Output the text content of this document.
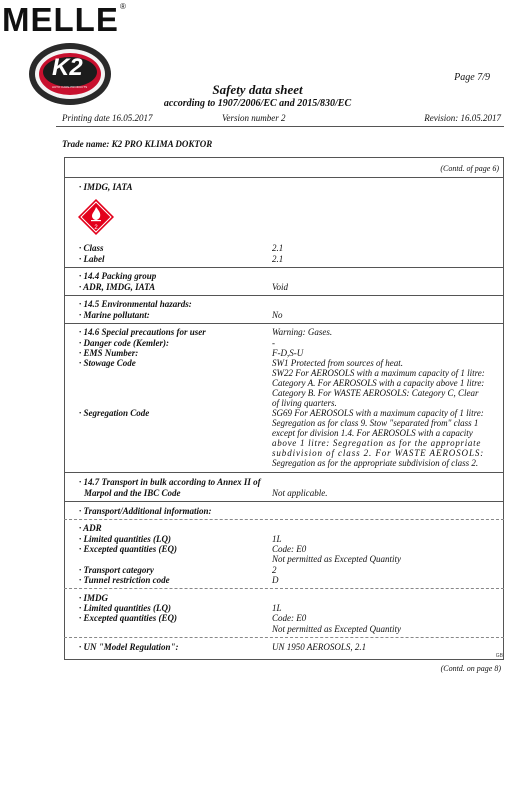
MELLE ®
K2
AUTO CARE PRODUCTS
Page 7/9
Safety data sheet
according to 1907/2006/EC and 2015/830/EC
Printing date 16.05.2017	Version number 2	Revision: 16.05.2017
Trade name: K2 PRO KLIMA DOKTOR
(Contd. of page 6)
· IMDG, IATA
2
· Class	2.1
· Label	2.1
· 14.4 Packing group
· ADR, IMDG, IATA	Void
· 14.5 Environmental hazards:
· Marine pollutant:	No
· 14.6 Special precautions for user	Warning: Gases.
· Danger code (Kemler):	-
· EMS Number:	F-D,S-U
· Stowage Code	SW1 Protected from sources of heat.
SW22 For AEROSOLS with a maximum capacity of 1 litre:
Category A. For AEROSOLS with a capacity above 1 litre:
Category B. For WASTE AEROSOLS: Category C, Clear
of living quarters.
· Segregation Code	SG69 For AEROSOLS with a maximum capacity of 1 litre:
Segregation as for class 9. Stow "separated from" class 1
except for division 1.4. For AEROSOLS with a capacity
above 1 litre: Segregation as for the appropriate
subdivision of class 2. For WASTE AEROSOLS:
Segregation as for the appropriate subdivision of class 2.
· 14.7 Transport in bulk according to Annex II of
Marpol and the IBC Code	Not applicable.
· Transport/Additional information:
· ADR
· Limited quantities (LQ)	1L
· Excepted quantities (EQ)	Code: E0
Not permitted as Excepted Quantity
· Transport category	2
· Tunnel restriction code	D
· IMDG
· Limited quantities (LQ)	1L
· Excepted quantities (EQ)	Code: E0
Not permitted as Excepted Quantity
· UN "Model Regulation":	UN 1950 AEROSOLS, 2.1
GB
(Contd. on page 8)
